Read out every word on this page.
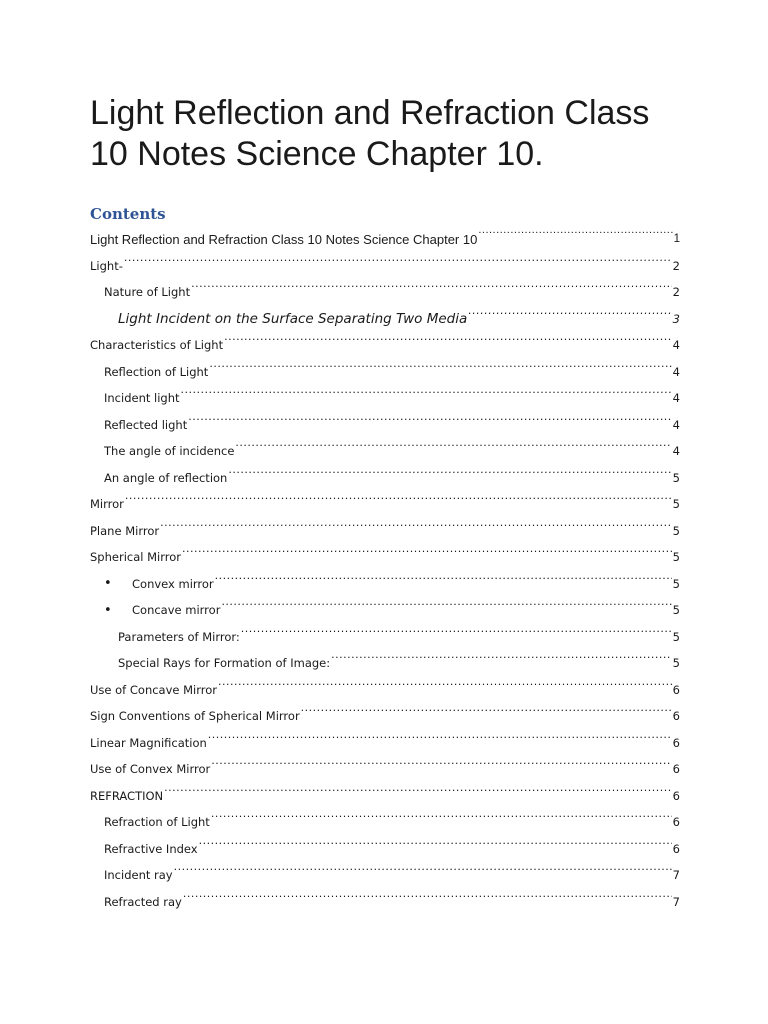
Light Reflection and Refraction Class 10 Notes Science Chapter 10.
Contents
Light Reflection and Refraction Class 10 Notes Science Chapter 10 .....	1
Light- .....	2
Nature of Light .....	2
Light Incident on the Surface Separating Two Media .....	3
Characteristics of Light .....	4
Reflection of Light .....	4
Incident light .....	4
Reflected light .....	4
The angle of incidence .....	4
An angle of reflection .....	5
Mirror .....	5
Plane Mirror .....	5
Spherical Mirror .....	5
•	Convex mirror .....	5
•	Concave mirror .....	5
Parameters of Mirror: .....	5
Special Rays for Formation of Image: .....	5
Use of Concave Mirror .....	6
Sign Conventions of Spherical Mirror .....	6
Linear Magnification .....	6
Use of Convex Mirror .....	6
REFRACTION .....	6
Refraction of Light .....	6
Refractive Index .....	6
Incident ray .....	7
Refracted ray .....	7
